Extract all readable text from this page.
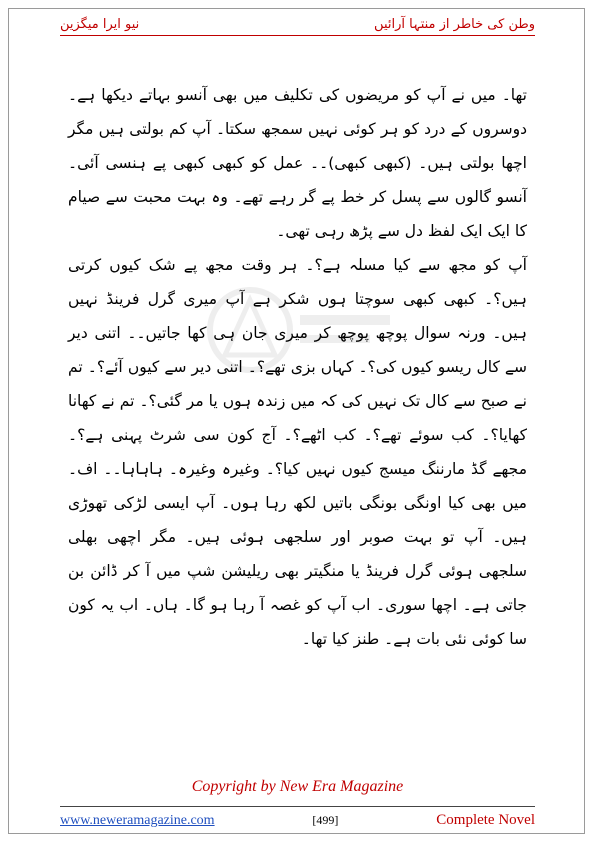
نیو ایرا میگزین	وطن کی خاطر از منتہا آرائیں

تھا۔ میں نے آپ کو مریضوں کی تکلیف میں بھی آنسو بہاتے دیکھا ہے۔ دوسروں کے درد کو ہر کوئی نہیں سمجھ سکتا۔ آپ کم بولتی ہیں مگر اچھا بولتی ہیں۔ (کبھی کبھی)۔۔ عمل کو کبھی کبھی پے ہنسی آئی۔ آنسو گالوں سے پسل کر خط پے گر رہے تھے۔ وہ بہت محبت سے صیام کا ایک ایک لفظ دل سے پڑھ رہی تھی۔

آپ کو مجھ سے کیا مسلہ ہے؟۔ ہر وقت مجھ پے شک کیوں کرتی ہیں؟۔ کبھی کبھی سوچتا ہوں شکر ہے آپ میری گرل فرینڈ نہیں ہیں۔ ورنہ سوال پوچھ پوچھ کر میری جان ہی کھا جاتیں۔۔ اتنی دیر سے کال ریسو کیوں کی؟۔ کہاں بزی تھے؟۔ اتنی دیر سے کیوں آئے؟۔ تم نے صبح سے کال تک نہیں کی کہ میں زندہ ہوں یا مر گئی؟۔ تم نے کھانا کھایا؟۔ کب سوئے تھے؟۔ کب اٹھے؟۔ آج کون سی شرٹ پہنی ہے؟۔ مجھے گڈ مارننگ میسج کیوں نہیں کیا؟۔ وغیرہ وغیرہ۔ ہاہاہا۔۔ اف۔ میں بھی کیا اونگی بونگی باتیں لکھ رہا ہوں۔ آپ ایسی لڑکی تھوڑی ہیں۔ آپ تو بہت صوبر اور سلجھی ہوئی ہیں۔ مگر اچھی بھلی سلجھی ہوئی گرل فرینڈ یا منگیتر بھی ریلیشن شپ میں آ کر ڈائن بن جاتی ہے۔ اچھا سوری۔ اب آپ کو غصہ آ رہا ہو گا۔ ہاں۔ اب یہ کون سا کوئی نئی بات ہے۔ طنز کیا تھا۔

Copyright by New Era Magazine
www.neweramagazine.com	[499]	Complete Novel
